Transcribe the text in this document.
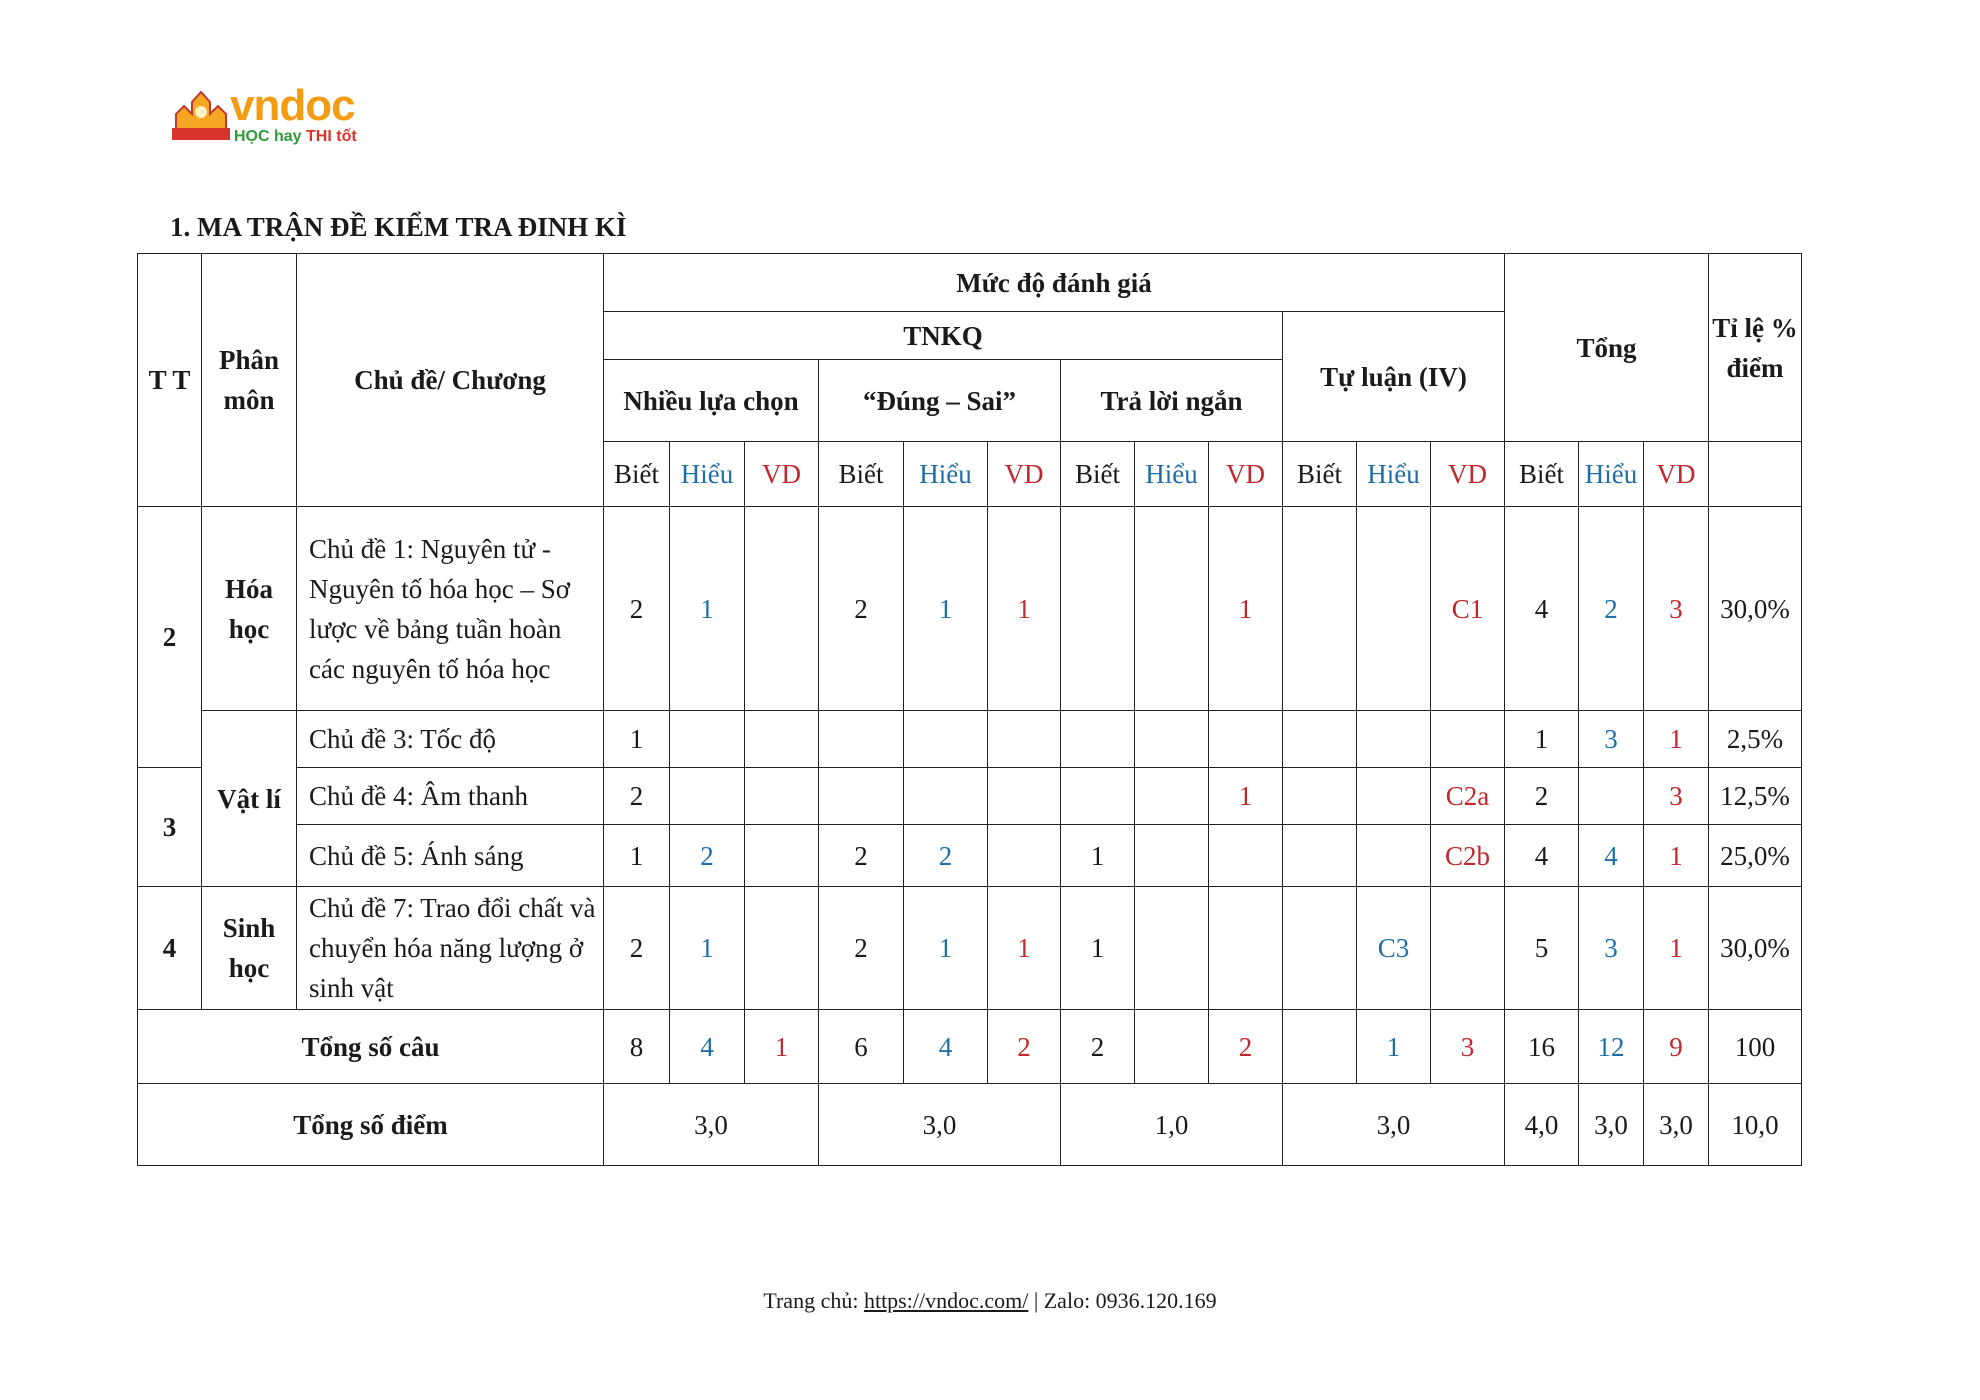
vndoc
HỌC hay THI tốt
1. MA TRẬN ĐỀ KIỂM TRA ĐINH KÌ
T T	Phân môn	Chủ đề/ Chương	Mức độ đánh giá												Tổng			Tỉ lệ % điểm
			TNKQ									Tự luận (IV)						
			Nhiều lựa chọn			“Đúng – Sai”			Trả lời ngắn									
			Biết	Hiểu	VD	Biết	Hiểu	VD	Biết	Hiểu	VD	Biết	Hiểu	VD	Biết	Hiểu	VD	
2	Hóa học	Chủ đề 1: Nguyên tử - Nguyên tố hóa học – Sơ lược về bảng tuần hoàn các nguyên tố hóa học	2	1		2	1	1			1			C1	4	2	3	30,0%
	Vật lí	Chủ đề 3: Tốc độ	1												1	3	1	2,5%
3		Chủ đề 4: Âm thanh	2								1			C2a	2		3	12,5%
		Chủ đề 5: Ánh sáng	1	2		2	2		1					C2b	4	4	1	25,0%
4	Sinh học	Chủ đề 7: Trao đổi chất và chuyển hóa năng lượng ở sinh vật	2	1		2	1	1	1				C3		5	3	1	30,0%
Tổng số câu			8	4	1	6	4	2	2		2		1	3	16	12	9	100
Tổng số điểm			3,0			3,0			1,0			3,0			4,0	3,0	3,0	10,0
Trang chủ: https://vndoc.com/ | Zalo: 0936.120.169
